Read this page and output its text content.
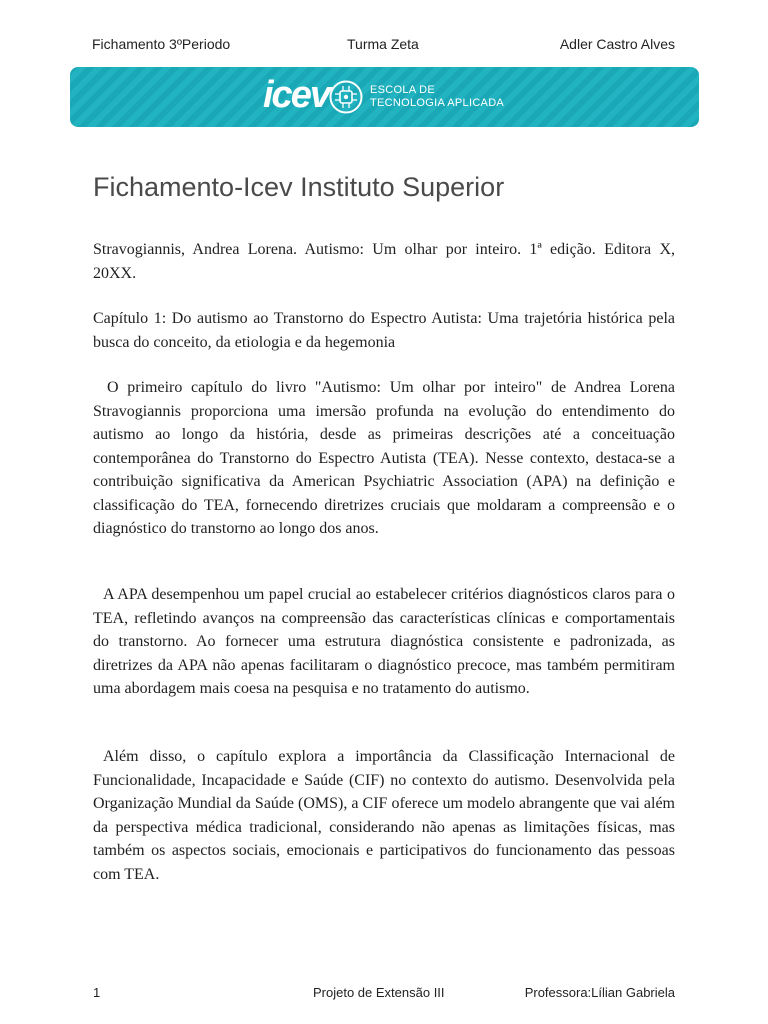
Fichamento 3ºPeriodo	Turma Zeta	Adler Castro Alves
icev	ESCOLA DE
TECNOLOGIA APLICADA
Fichamento-Icev Instituto Superior

Stravogiannis, Andrea Lorena. Autismo: Um olhar por inteiro. 1ª edição. Editora X, 20XX.

Capítulo 1: Do autismo ao Transtorno do Espectro Autista: Uma trajetória histórica pela busca do conceito, da etiologia e da hegemonia

O primeiro capítulo do livro "Autismo: Um olhar por inteiro" de Andrea Lorena Stravogiannis proporciona uma imersão profunda na evolução do entendimento do autismo ao longo da história, desde as primeiras descrições até a conceituação contemporânea do Transtorno do Espectro Autista (TEA). Nesse contexto, destaca-se a contribuição significativa da American Psychiatric Association (APA) na definição e classificação do TEA, fornecendo diretrizes cruciais que moldaram a compreensão e o diagnóstico do transtorno ao longo dos anos.

A APA desempenhou um papel crucial ao estabelecer critérios diagnósticos claros para o TEA, refletindo avanços na compreensão das características clínicas e comportamentais do transtorno. Ao fornecer uma estrutura diagnóstica consistente e padronizada, as diretrizes da APA não apenas facilitaram o diagnóstico precoce, mas também permitiram uma abordagem mais coesa na pesquisa e no tratamento do autismo.

Além disso, o capítulo explora a importância da Classificação Internacional de Funcionalidade, Incapacidade e Saúde (CIF) no contexto do autismo. Desenvolvida pela Organização Mundial da Saúde (OMS), a CIF oferece um modelo abrangente que vai além da perspectiva médica tradicional, considerando não apenas as limitações físicas, mas também os aspectos sociais, emocionais e participativos do funcionamento das pessoas com TEA.

1	Projeto de Extensão III	Professora:Lílian Gabriela
